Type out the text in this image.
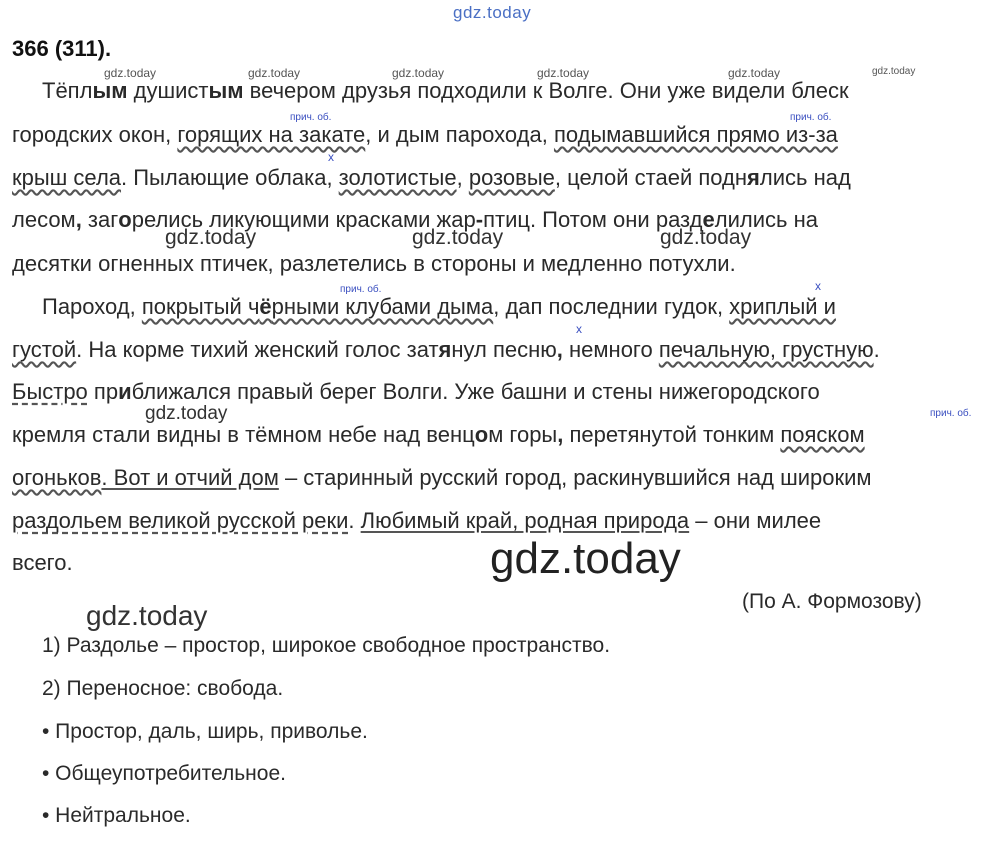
gdz.today
366 (311).
gdz.today	gdz.today	gdz.today	gdz.today	gdz.today	gdz.today
Тёплым душистым вечером друзья подходили к Волге. Они уже видели блеск
прич. об.	прич. об.
городских окон, горящих на закате, и дым парохода, подымавшийся прямо из-за
x
крыш села. Пылающие облака, золотистые, розовые, целой стаей поднялись над
лесом, загорелись ликующими красками жар-птиц. Потом они разделились на
gdz.today	gdz.today	gdz.today
десятки огненных птичек, разлетелись в стороны и медленно потухли.
прич. об.	x
Пароход, покрытый чёрными клубами дыма, дап последнии гудок, хриплый и
x
густой. На корме тихий женский голос затянул песню, немного печальную, грустную.
Быстро приближался правый берег Волги. Уже башни и стены нижегородского
gdz.today	прич. об.
кремля стали видны в тёмном небе над венцом горы, перетянутой тонким пояском
огоньков. Вот и отчий дом – старинный русский город, раскинувшийся над широким
раздольем великой русской реки. Любимый край, родная природа – они милее
всего.	gdz.today
(По А. Формозову)
gdz.today
1) Раздолье – простор, широкое свободное пространство.
2) Переносное: свобода.
• Простор, даль, ширь, приволье.
• Общеупотребительное.
• Нейтральное.
